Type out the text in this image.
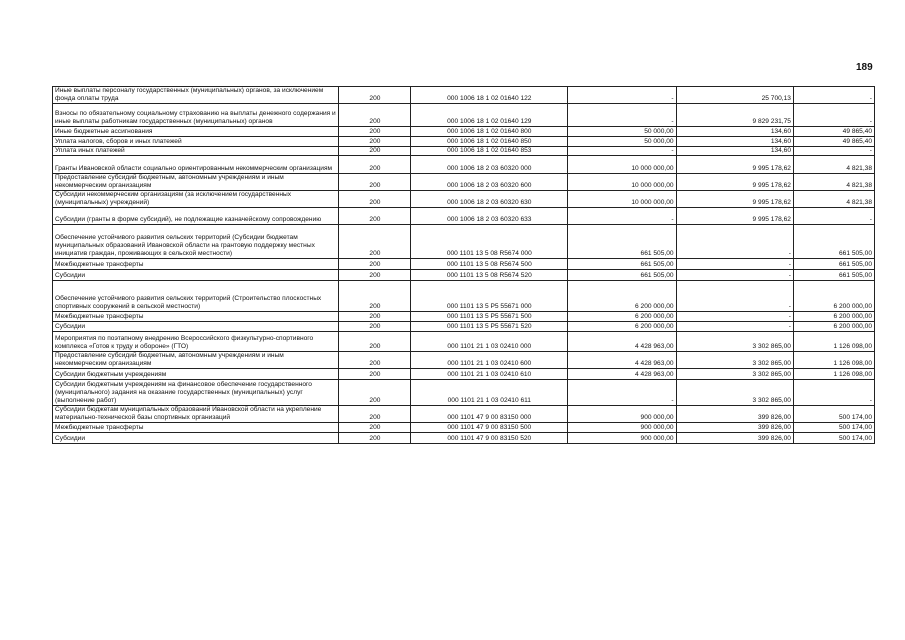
189
Иные выплаты персоналу государственных (муниципальных) органов, за исключением фонда оплаты труда	200	000 1006 18 1 02 01640 122	-	25 700,13	-
Взносы по обязательному социальному страхованию на выплаты денежного содержания и иные выплаты работникам государственных (муниципальных) органов	200	000 1006 18 1 02 01640 129	-	9 829 231,75	-
Иные бюджетные ассигнования	200	000 1006 18 1 02 01640 800	50 000,00	134,60	49 865,40
Уплата налогов, сборов и иных платежей	200	000 1006 18 1 02 01640 850	50 000,00	134,60	49 865,40
Уплата иных платежей	200	000 1006 18 1 02 01640 853	-	134,60	-
Гранты Ивановской области социально ориентированным некоммерческим организациям	200	000 1006 18 2 03 60320 000	10 000 000,00	9 995 178,62	4 821,38
Предоставление субсидий бюджетным, автономным учреждениям и иным некоммерческим организациям	200	000 1006 18 2 03 60320 600	10 000 000,00	9 995 178,62	4 821,38
Субсидии некоммерческим организациям (за исключением государственных (муниципальных) учреждений)	200	000 1006 18 2 03 60320 630	10 000 000,00	9 995 178,62	4 821,38
Субсидии (гранты в форме субсидий), не подлежащие казначейскому сопровождению	200	000 1006 18 2 03 60320 633	-	9 995 178,62	-
Обеспечение устойчивого развития сельских территорий (Субсидии бюджетам муниципальных образований Ивановской области на грантовую поддержку местных инициатив граждан, проживающих в сельской местности)	200	000 1101 13 5 08 R5674 000	661 505,00	-	661 505,00
Межбюджетные трансферты	200	000 1101 13 5 08 R5674 500	661 505,00	-	661 505,00
Субсидии	200	000 1101 13 5 08 R5674 520	661 505,00	-	661 505,00
Обеспечение устойчивого развития сельских территорий (Строительство плоскостных спортивных сооружений в сельской местности)	200	000 1101 13 5 P5 55671 000	6 200 000,00	-	6 200 000,00
Межбюджетные трансферты	200	000 1101 13 5 P5 55671 500	6 200 000,00	-	6 200 000,00
Субсидии	200	000 1101 13 5 P5 55671 520	6 200 000,00	-	6 200 000,00
Мероприятия по поэтапному внедрению Всероссийского физкультурно-спортивного комплекса «Готов к труду и обороне» (ГТО)	200	000 1101 21 1 03 02410 000	4 428 963,00	3 302 865,00	1 126 098,00
Предоставление субсидий бюджетным, автономным учреждениям и иным некоммерческим организациям	200	000 1101 21 1 03 02410 600	4 428 963,00	3 302 865,00	1 126 098,00
Субсидии бюджетным учреждениям	200	000 1101 21 1 03 02410 610	4 428 963,00	3 302 865,00	1 126 098,00
Субсидии бюджетным учреждениям на финансовое обеспечение государственного (муниципального) задания на оказание государственных (муниципальных) услуг (выполнение работ)	200	000 1101 21 1 03 02410 611	-	3 302 865,00	-
Субсидии бюджетам муниципальных образований Ивановской области на укрепление материально-технической базы спортивных организаций	200	000 1101 47 9 00 83150 000	900 000,00	399 826,00	500 174,00
Межбюджетные трансферты	200	000 1101 47 9 00 83150 500	900 000,00	399 826,00	500 174,00
Субсидии	200	000 1101 47 9 00 83150 520	900 000,00	399 826,00	500 174,00
